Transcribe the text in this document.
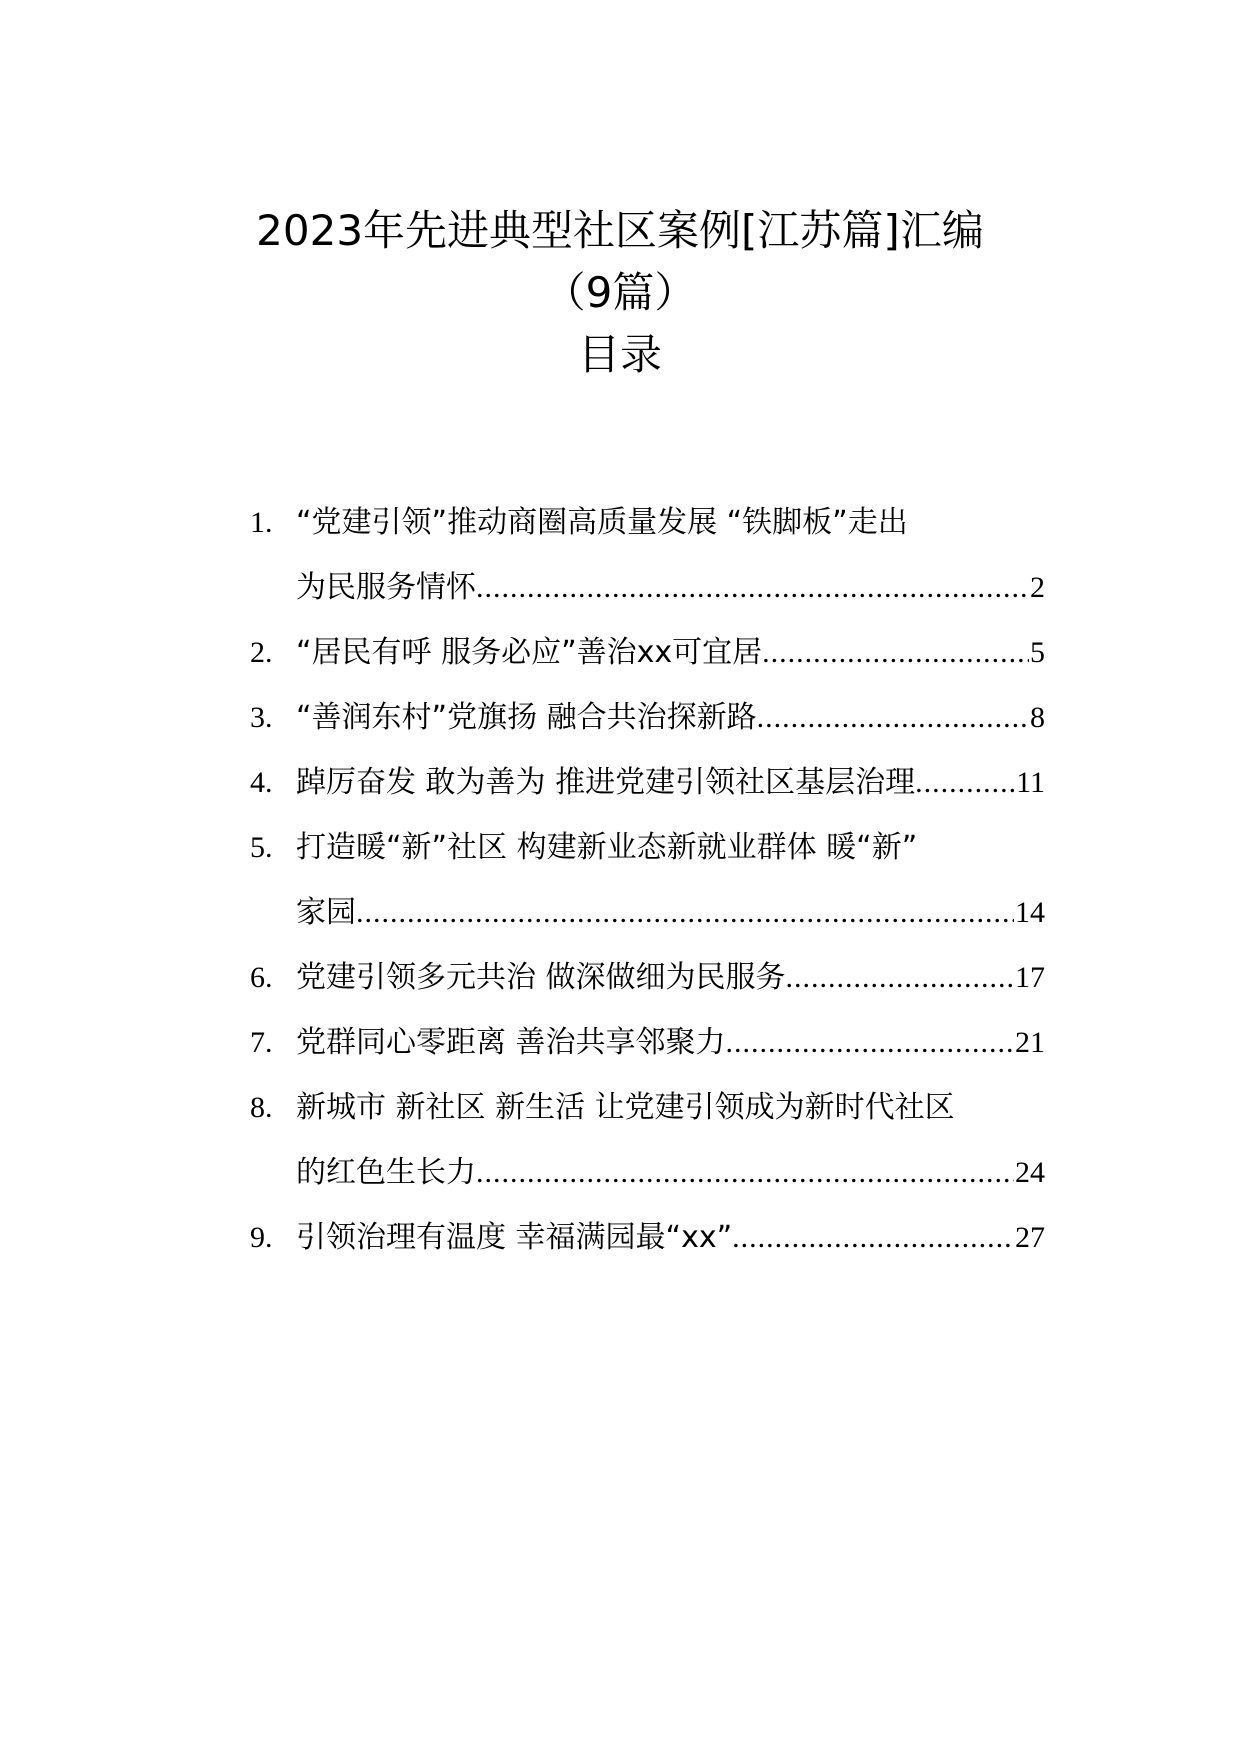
2023年先进典型社区案例[江苏篇]汇编
（9篇）
目录
1. “党建引领”推动商圈高质量发展 “铁脚板”走出
为民服务情怀 .....	2
2. “居民有呼 服务必应”善治xx可宜居 .....	5
3. “善润东村”党旗扬 融合共治探新路 .....	8
4. 踔厉奋发 敢为善为 推进党建引领社区基层治理 .....	11
5. 打造暖“新”社区 构建新业态新就业群体 暖“新”
家园 .....	14
6. 党建引领多元共治 做深做细为民服务 .....	17
7. 党群同心零距离 善治共享邻聚力 .....	21
8. 新城市 新社区 新生活 让党建引领成为新时代社区
的红色生长力 .....	24
9. 引领治理有温度 幸福满园最“xx” .....	27
